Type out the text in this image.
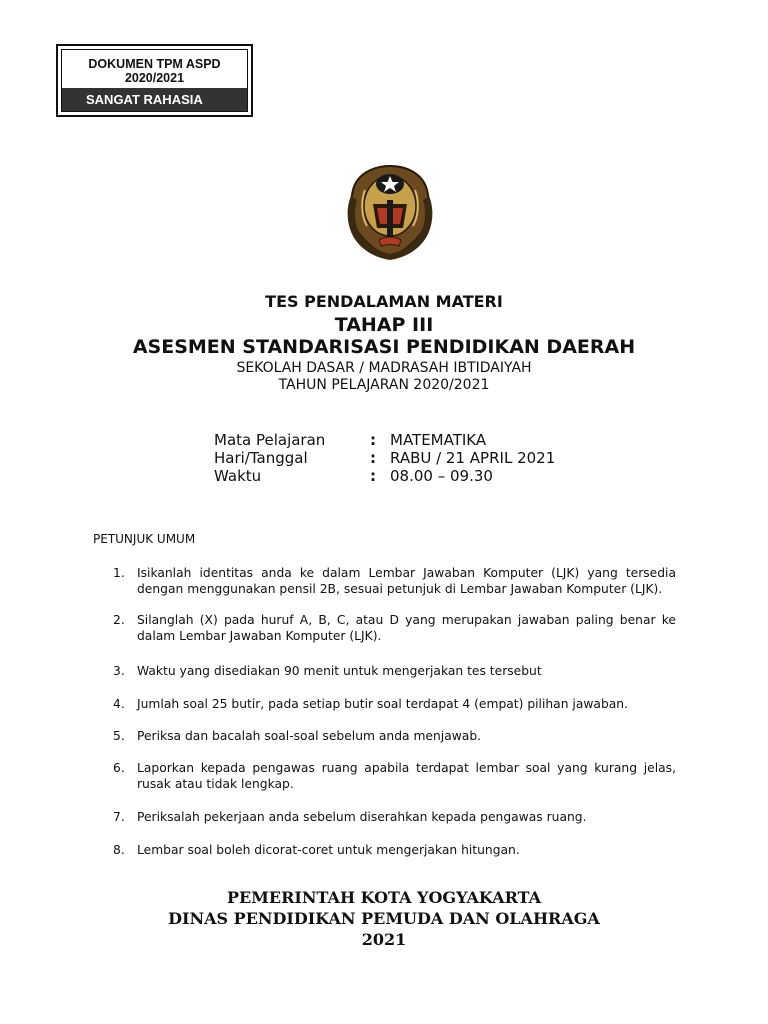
DOKUMEN TPM ASPD
2020/2021
SANGAT RAHASIA
TES PENDALAMAN MATERI
TAHAP III
ASESMEN STANDARISASI PENDIDIKAN DAERAH
SEKOLAH DASAR / MADRASAH IBTIDAIYAH
TAHUN PELAJARAN 2020/2021
Mata Pelajaran	: MATEMATIKA
Hari/Tanggal	: RABU / 21 APRIL 2021
Waktu	: 08.00 – 09.30
PETUNJUK UMUM
1. Isikanlah identitas anda ke dalam Lembar Jawaban Komputer (LJK) yang tersedia dengan menggunakan pensil 2B, sesuai petunjuk di Lembar Jawaban Komputer (LJK).
2. Silanglah (X) pada huruf A, B, C, atau D yang merupakan jawaban paling benar ke dalam Lembar Jawaban Komputer (LJK).
3. Waktu yang disediakan 90 menit untuk mengerjakan tes tersebut
4. Jumlah soal 25 butir, pada setiap butir soal terdapat 4 (empat) pilihan jawaban.
5. Periksa dan bacalah soal-soal sebelum anda menjawab.
6. Laporkan kepada pengawas ruang apabila terdapat lembar soal yang kurang jelas, rusak atau tidak lengkap.
7. Periksalah pekerjaan anda sebelum diserahkan kepada pengawas ruang.
8. Lembar soal boleh dicorat-coret untuk mengerjakan hitungan.
PEMERINTAH KOTA YOGYAKARTA
DINAS PENDIDIKAN PEMUDA DAN OLAHRAGA
2021
